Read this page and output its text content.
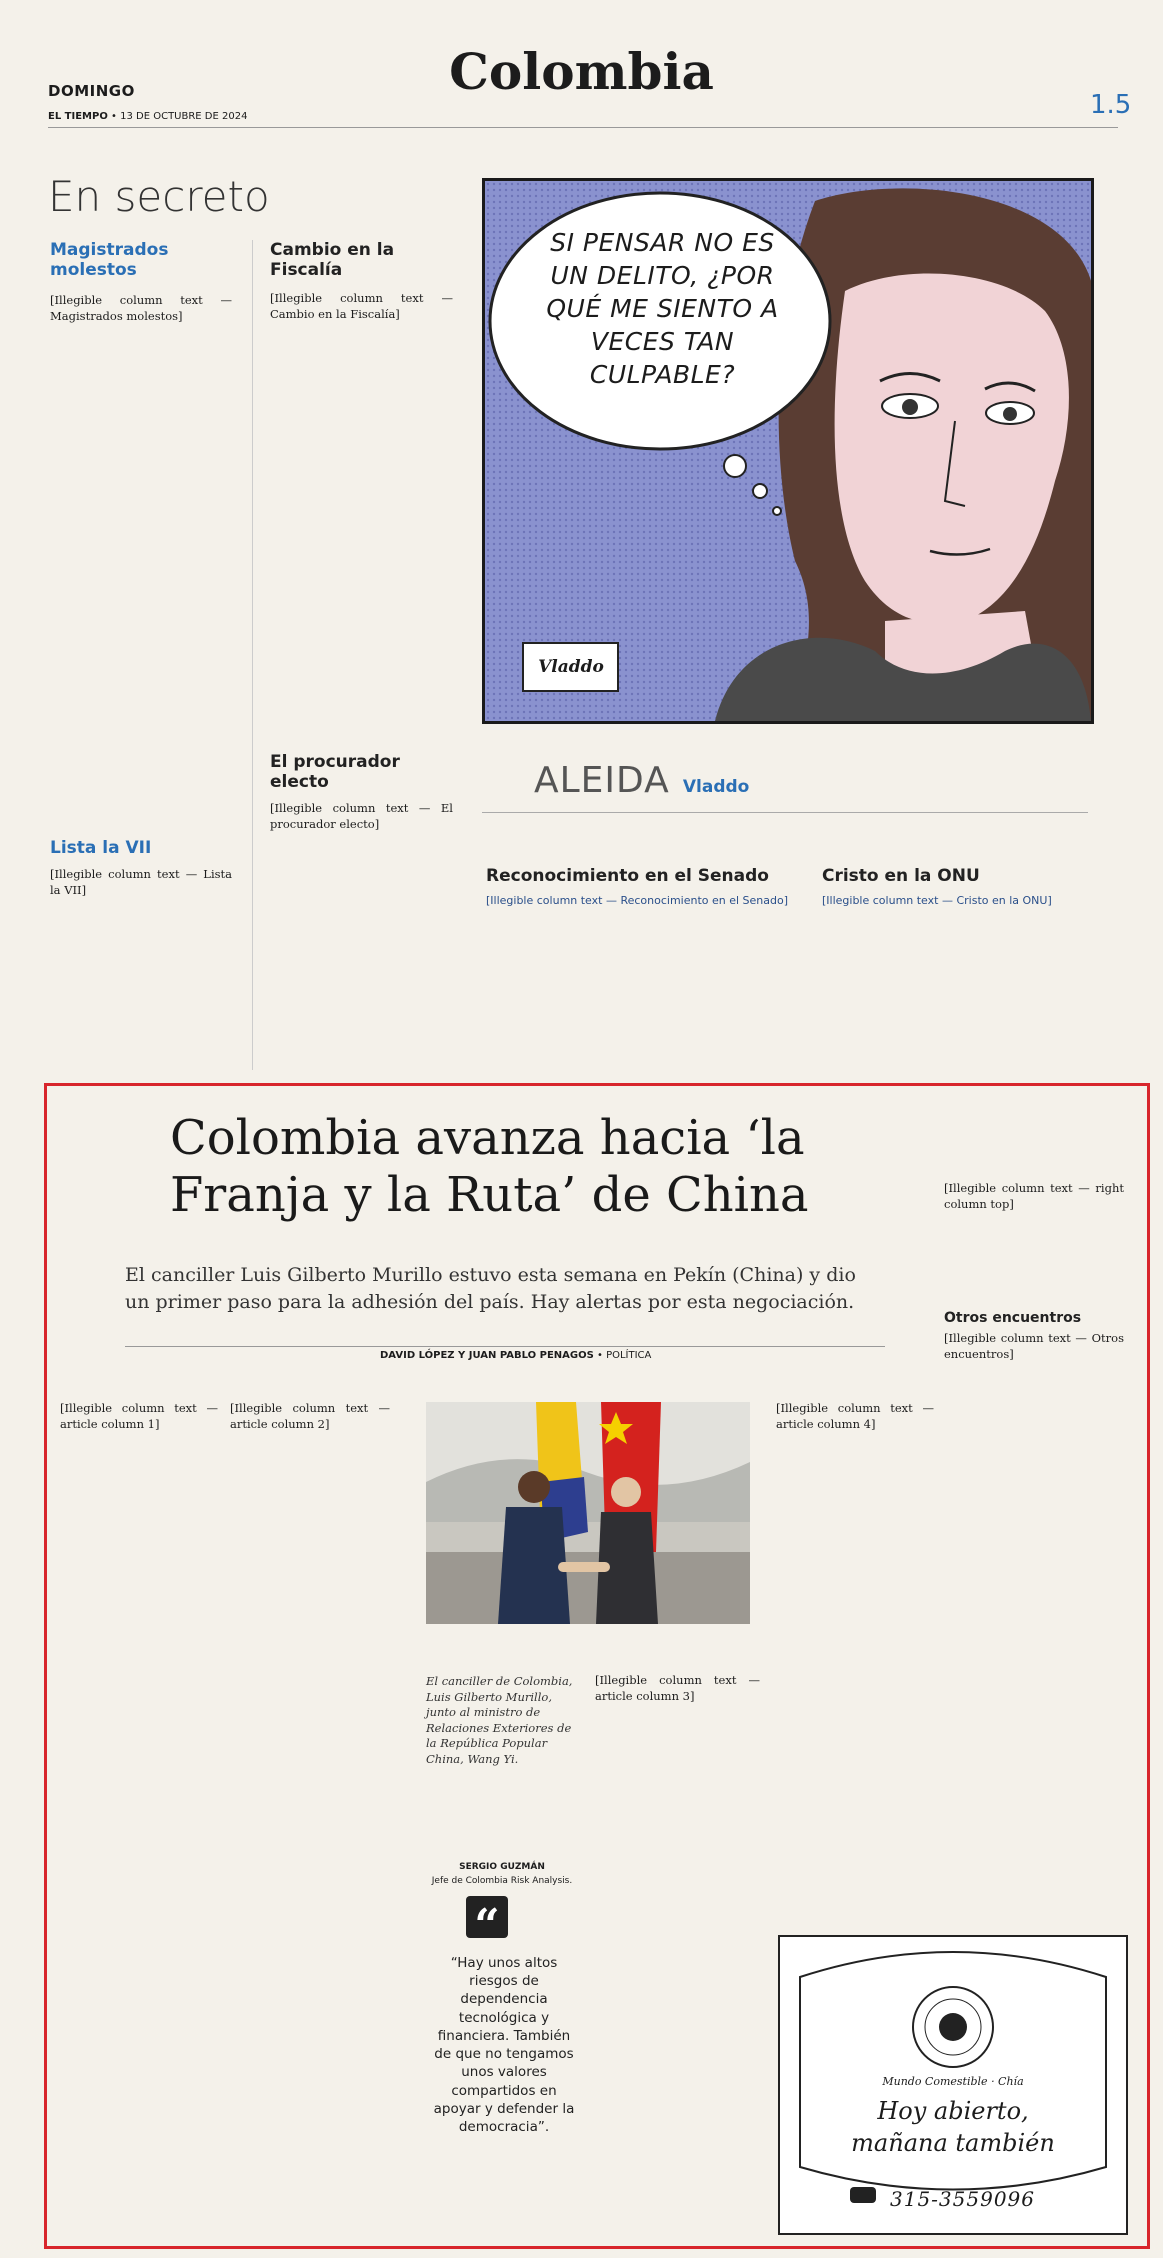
DOMINGO
EL TIEMPO • 13 DE OCTUBRE DE 2024
Colombia
1.5
En secreto
Magistrados molestos
[Illegible column text — Magistrados molestos]
Lista la VII
[Illegible column text — Lista la VII]
Cambio en la Fiscalía
[Illegible column text — Cambio en la Fiscalía]
El procurador electo
[Illegible column text — El procurador electo]
SI PENSAR NO ES UN DELITO, ¿POR QUÉ ME SIENTO A VECES TAN CULPABLE?
Vladdo
ALEIDA Vladdo
Reconocimiento en el Senado
[Illegible column text — Reconocimiento en el Senado]
Cristo en la ONU
[Illegible column text — Cristo en la ONU]
Colombia avanza hacia ‘la Franja y la Ruta’ de China
El canciller Luis Gilberto Murillo estuvo esta semana en Pekín (China) y dio un primer paso para la adhesión del país. Hay alertas por esta negociación.
DAVID LÓPEZ Y JUAN PABLO PENAGOS • POLÍTICA
[Illegible column text — article column 1]
[Illegible column text — article column 2]
El canciller de Colombia, Luis Gilberto Murillo, junto al ministro de Relaciones Exteriores de la República Popular China, Wang Yi.
[Illegible column text — article column 3]
SERGIO GUZMÁN
Jefe de Colombia Risk Analysis.
“
“Hay unos altos riesgos de dependencia tecnológica y financiera. También de que no tengamos unos valores compartidos en apoyar y defender la democracia”.
[Illegible column text — article column 4]
[Illegible column text — right column top]
Otros encuentros
[Illegible column text — Otros encuentros]
Mundo Comestible · Chía
Hoy abierto,
mañana también
315-3559096
